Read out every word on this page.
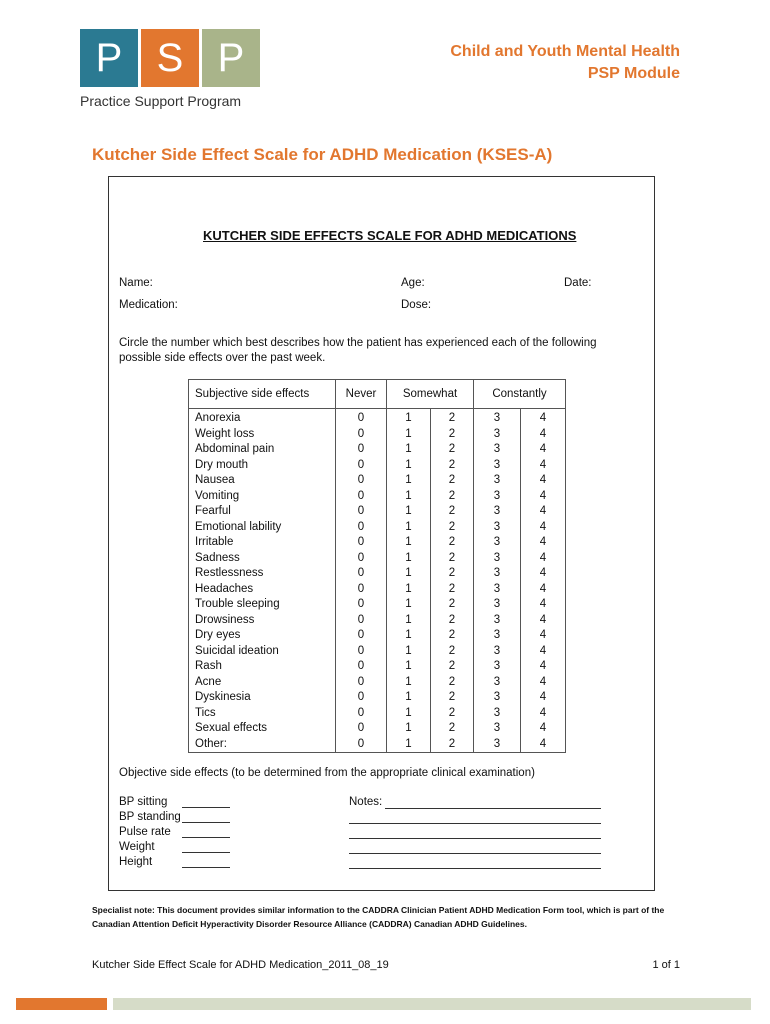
P S P
Practice Support Program
Child and Youth Mental Health
PSP Module
Kutcher Side Effect Scale for ADHD Medication (KSES-A)
KUTCHER SIDE EFFECTS SCALE FOR ADHD MEDICATIONS
Name:	Age:	Date:
Medication:	Dose:
Circle the number which best describes how the patient has experienced each of the following possible side effects over the past week.
Subjective side effects	Never	Somewhat		Constantly	
Anorexia	0	1	2	3	4
Weight loss	0	1	2	3	4
Abdominal pain	0	1	2	3	4
Dry mouth	0	1	2	3	4
Nausea	0	1	2	3	4
Vomiting	0	1	2	3	4
Fearful	0	1	2	3	4
Emotional lability	0	1	2	3	4
Irritable	0	1	2	3	4
Sadness	0	1	2	3	4
Restlessness	0	1	2	3	4
Headaches	0	1	2	3	4
Trouble sleeping	0	1	2	3	4
Drowsiness	0	1	2	3	4
Dry eyes	0	1	2	3	4
Suicidal ideation	0	1	2	3	4
Rash	0	1	2	3	4
Acne	0	1	2	3	4
Dyskinesia	0	1	2	3	4
Tics	0	1	2	3	4
Sexual effects	0	1	2	3	4
Other:	0	1	2	3	4
Objective side effects (to be determined from the appropriate clinical examination)
BP sitting
BP standing
Pulse rate
Weight
Height
Notes:
Specialist note: This document provides similar information to the CADDRA Clinician Patient ADHD Medication Form tool, which is part of the Canadian Attention Deficit Hyperactivity Disorder Resource Alliance (CADDRA) Canadian ADHD Guidelines.
Kutcher Side Effect Scale for ADHD Medication_2011_08_19	1 of 1
